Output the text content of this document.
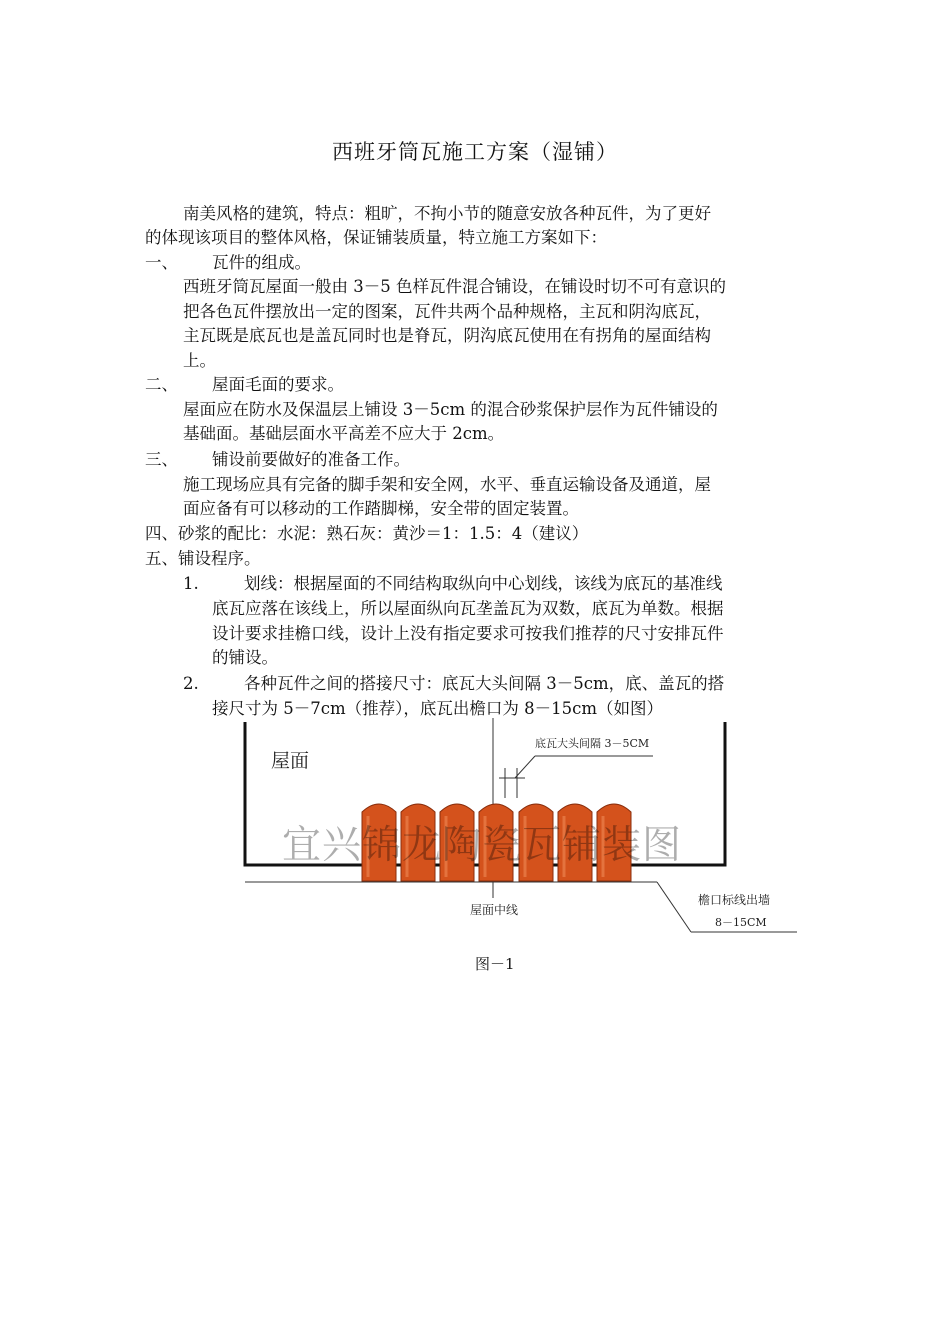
西班牙筒瓦施工方案（湿铺）
南美风格的建筑，特点：粗旷，不拘小节的随意安放各种瓦件，为了更好
的体现该项目的整体风格，保证铺装质量，特立施工方案如下：
一、 瓦件的组成。
西班牙筒瓦屋面一般由 3－5 色样瓦件混合铺设，在铺设时切不可有意识的
把各色瓦件摆放出一定的图案，瓦件共两个品种规格，主瓦和阴沟底瓦，
主瓦既是底瓦也是盖瓦同时也是脊瓦，阴沟底瓦使用在有拐角的屋面结构
上。
二、 屋面毛面的要求。
屋面应在防水及保温层上铺设 3－5cm 的混合砂浆保护层作为瓦件铺设的
基础面。基础层面水平高差不应大于 2cm。
三、 铺设前要做好的准备工作。
施工现场应具有完备的脚手架和安全网，水平、垂直运输设备及通道，屋
面应备有可以移动的工作踏脚梯，安全带的固定装置。
四、砂浆的配比：水泥：熟石灰：黄沙＝1：1.5：4（建议）
五、铺设程序。
1.	划线：根据屋面的不同结构取纵向中心划线，该线为底瓦的基准线
底瓦应落在该线上，所以屋面纵向瓦垄盖瓦为双数，底瓦为单数。根据
设计要求挂檐口线，设计上没有指定要求可按我们推荐的尺寸安排瓦件
的铺设。
2.	各种瓦件之间的搭接尺寸：底瓦大头间隔 3－5cm，底、盖瓦的搭
接尺寸为 5－7cm（推荐），底瓦出檐口为 8－15cm（如图）
屋面
底瓦大头间隔 3－5CM
宜兴锦龙陶瓷瓦铺装图
屋面中线
檐口标线出墙
8－15CM
图－1
